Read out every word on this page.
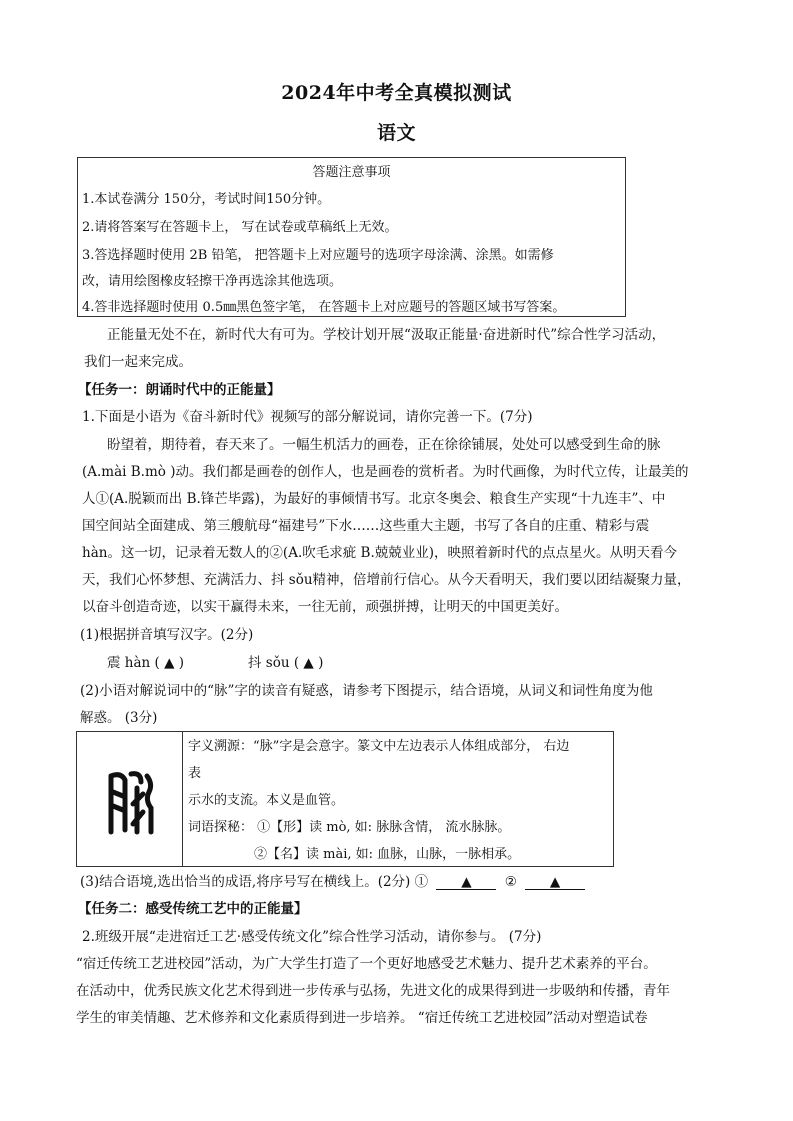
2024年中考全真模拟测试
语文
答题注意事项
1.本试卷满分 150分，考试时间150分钟。
2.请将答案写在答题卡上， 写在试卷或草稿纸上无效。
3.答选择题时使用 2B 铅笔， 把答题卡上对应题号的选项字母涂满、涂黑。如需修
改，请用绘图橡皮轻擦干净再选涂其他选项。
4.答非选择题时使用 0.5㎜黑色签字笔， 在答题卡上对应题号的答题区域书写答案。
正能量无处不在，新时代大有可为。学校计划开展“汲取正能量·奋进新时代”综合性学习活动，
我们一起来完成。
【任务一：朗诵时代中的正能量】
1.下面是小语为《奋斗新时代》视频写的部分解说词，请你完善一下。(7分)
盼望着，期待着，春天来了。一幅生机活力的画卷，正在徐徐铺展，处处可以感受到生命的脉
(A.mài B.mò )动。我们都是画卷的创作人，也是画卷的赏析者。为时代画像，为时代立传，让最美的
人①(A.脱颖而出 B.锋芒毕露)，为最好的事倾情书写。北京冬奥会、粮食生产实现“十九连丰”、中
国空间站全面建成、第三艘航母“福建号”下水……这些重大主题，书写了各自的庄重、精彩与震
hàn。这一切，记录着无数人的②(A.吹毛求疵 B.兢兢业业)，映照着新时代的点点星火。从明天看今
天，我们心怀梦想、充满活力、抖 sǒu精神，倍增前行信心。从今天看明天，我们要以团结凝聚力量，
以奋斗创造奇迹，以实干赢得未来，一往无前，顽强拼搏，让明天的中国更美好。
(1)根据拼音填写汉字。(2分)
震 hàn ( ▲ )	抖 sǒu ( ▲ )
(2)小语对解说词中的“脉”字的读音有疑惑，请参考下图提示，结合语境，从词义和词性角度为他
解惑。 (3分)
字义溯源：“脉”字是会意字。篆文中左边表示人体组成部分， 右边
表
示水的支流。本义是血管。
词语探秘： ①【形】读 mò, 如: 脉脉含情， 流水脉脉。
②【名】读 mài, 如: 血脉，山脉，一脉相承。
(3)结合语境,选出恰当的成语,将序号写在横线上。(2分) ① ▲ ② ▲
【任务二：感受传统工艺中的正能量】
2.班级开展“走进宿迁工艺·感受传统文化”综合性学习活动，请你参与。 (7分)
“宿迁传统工艺进校园”活动，为广大学生打造了一个更好地感受艺术魅力、提升艺术素养的平台。
在活动中，优秀民族文化艺术得到进一步传承与弘扬，先进文化的成果得到进一步吸纳和传播，青年
学生的审美情趣、艺术修养和文化素质得到进一步培养。 “宿迁传统工艺进校园”活动对塑造试卷
